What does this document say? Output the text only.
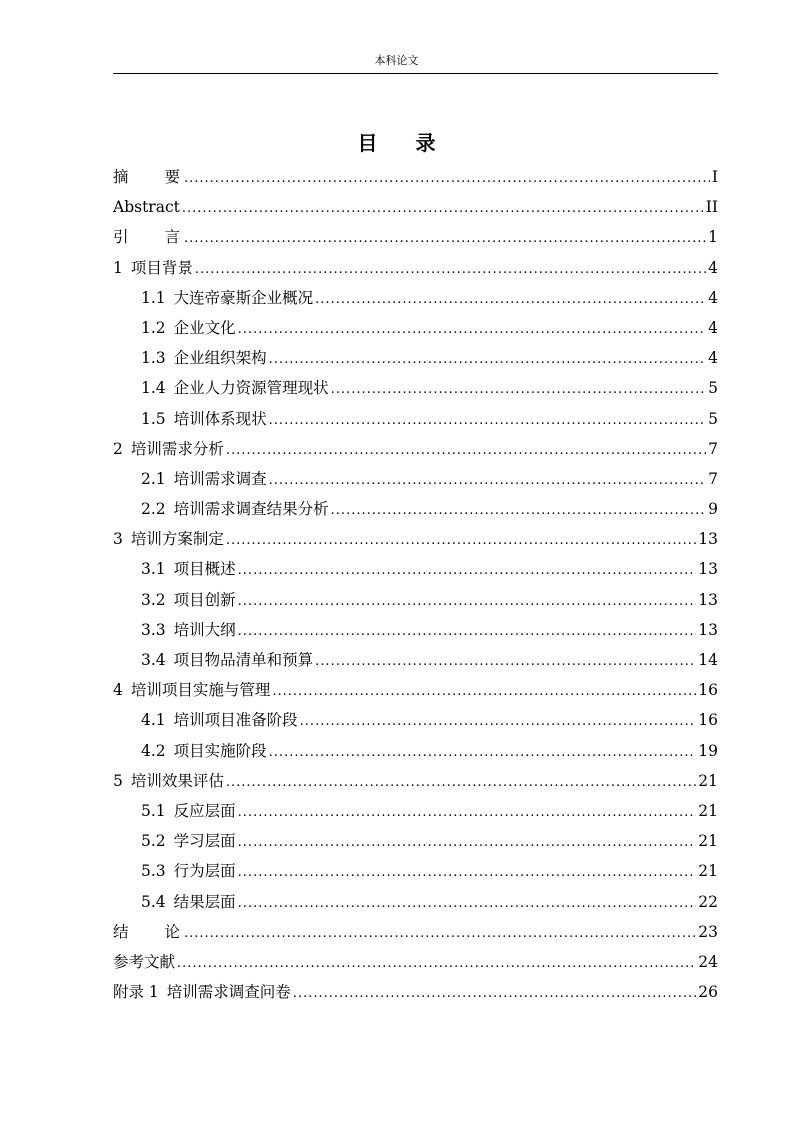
本科论文
目 录
摘要 .....	I
Abstract .....	II
引言 .....	1
1 项目背景 .....	4
1.1 大连帝豪斯企业概况 .....	4
1.2 企业文化 .....	4
1.3 企业组织架构 .....	4
1.4 企业人力资源管理现状 .....	5
1.5 培训体系现状 .....	5
2 培训需求分析 .....	7
2.1 培训需求调查 .....	7
2.2 培训需求调查结果分析 .....	9
3 培训方案制定 .....	13
3.1 项目概述 .....	13
3.2 项目创新 .....	13
3.3 培训大纲 .....	13
3.4 项目物品清单和预算 .....	14
4 培训项目实施与管理 .....	16
4.1 培训项目准备阶段 .....	16
4.2 项目实施阶段 .....	19
5 培训效果评估 .....	21
5.1 反应层面 .....	21
5.2 学习层面 .....	21
5.3 行为层面 .....	21
5.4 结果层面 .....	22
结论 .....	23
参考文献 .....	24
附录 1 培训需求调查问卷 .....	26
